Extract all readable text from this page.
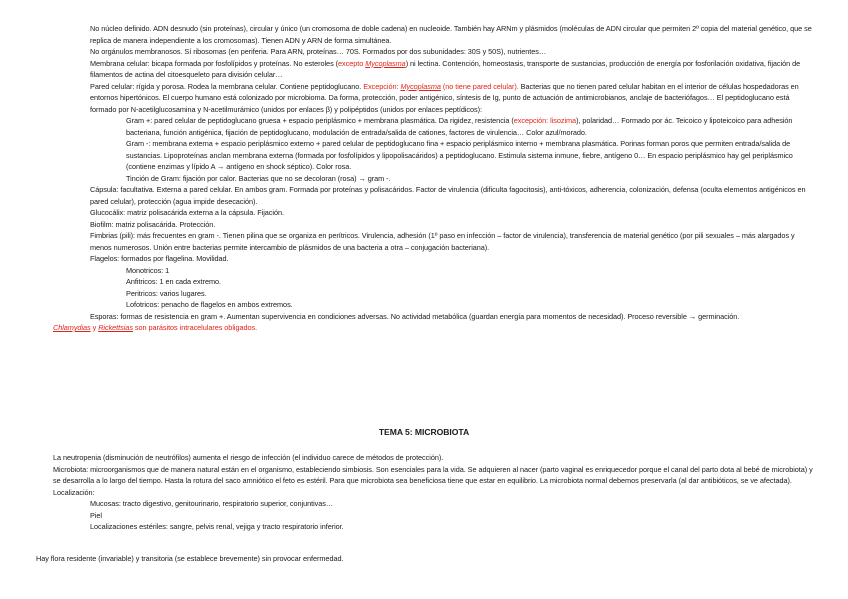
No núcleo definido. ADN desnudo (sin proteínas), circular y único (un cromosoma de doble cadena) en nucleoide. También hay ARNm y plásmidos (moléculas de ADN circular que permiten 2º copia del material genético, que se replica de manera independiente a los cromosomas). Tienen ADN y ARN de forma simultánea.
No orgánulos membranosos. Sí ribosomas (en periferia. Para ARN, proteínas… 70S. Formados por dos subunidades: 30S y 50S), nutrientes…
Membrana celular: bicapa formada por fosfolípidos y proteínas. No esteroles (excepto Mycoplasma) ni lectina. Contención, homeostasis, transporte de sustancias, producción de energía por fosforilación oxidativa, fijación de filamentos de actina del citoesqueleto para división celular…
Pared celular: rígida y porosa. Rodea la membrana celular. Contiene peptidoglucano. Excepción: Mycoplasma (no tiene pared celular). Bacterias que no tienen pared celular habitan en el interior de células hospedadoras en entornos hipertónicos. El cuerpo humano está colonizado por microbioma. Da forma, protección, poder antigénico, síntesis de Ig, punto de actuación de antimicrobianos, anclaje de bacteriófagos… El peptidoglucano está formado por N-acetilglucosamina y N-acetilmurámico (unidos por enlaces β) y polipéptidos (unidos por enlaces peptídicos):
Gram +: pared celular de peptidoglucano gruesa + espacio periplásmico + membrana plasmática. Da rigidez, resistencia (excepción: lisozima), polaridad… Formado por ác. Teicoico y lipoteicoico para adhesión bacteriana, función antigénica, fijación de peptidoglucano, modulación de entrada/salida de cationes, factores de virulencia… Color azul/morado.
Gram -: membrana externa + espacio periplásmico externo + pared celular de peptidoglucano fina + espacio periplásmico interno + membrana plasmática. Porinas forman poros que permiten entrada/salida de sustancias. Lipoproteínas anclan membrana externa (formada por fosfolípidos y lipopolisacáridos) a peptidoglucano. Estimula sistema inmune, fiebre, antígeno 0… En espacio periplásmico hay gel periplásmico (contiene enzimas y lípido A → antígeno en shock séptico). Color rosa.
Tinción de Gram: fijación por calor. Bacterias que no se decoloran (rosa) → gram -.
Cápsula: facultativa. Externa a pared celular. En ambos gram. Formada por proteínas y polisacáridos. Factor de virulencia (dificulta fagocitosis), anti-tóxicos, adherencia, colonización, defensa (oculta elementos antigénicos en pared celular), protección (agua impide desecación).
Glucocálix: matriz polisacárida externa a la cápsula. Fijación.
Biofilm: matriz polisacárida. Protección.
Fimbrias (pili): más frecuentes en gram -. Tienen pilina que se organiza en perítricos. Virulencia, adhesión (1º paso en infección – factor de virulencia), transferencia de material genético (por pili sexuales – más alargados y menos numerosos. Unión entre bacterias permite intercambio de plásmidos de una bacteria a otra – conjugación bacteriana).
Flagelos: formados por flagelina. Movilidad.
Monotricos: 1
Anfitricos: 1 en cada extremo.
Peritricos: varios lugares.
Lofotricos: penacho de flagelos en ambos extremos.
Esporas: formas de resistencia en gram +. Aumentan supervivencia en condiciones adversas. No actividad metabólica (guardan energía para momentos de necesidad). Proceso reversible → germinación.
Chlamydias y Rickettsias son parásitos intracelulares obligados.
TEMA 5: MICROBIOTA
La neutropenia (disminución de neutrófilos) aumenta el riesgo de infección (el individuo carece de métodos de protección).
Microbiota: microorganismos que de manera natural están en el organismo, estableciendo simbiosis. Son esenciales para la vida. Se adquieren al nacer (parto vaginal es enriquecedor porque el canal del parto dota al bebé de microbiota) y se desarrolla a lo largo del tiempo. Hasta la rotura del saco amniótico el feto es estéril. Para que microbiota sea beneficiosa tiene que estar en equilibrio. La microbiota normal debemos preservarla (al dar antibióticos, se ve afectada). Localización:
Mucosas: tracto digestivo, genitourinario, respiratorio superior, conjuntivas…
Piel
Localizaciones estériles: sangre, pelvis renal, vejiga y tracto respiratorio inferior.
Hay flora residente (invariable) y transitoria (se establece brevemente) sin provocar enfermedad.
